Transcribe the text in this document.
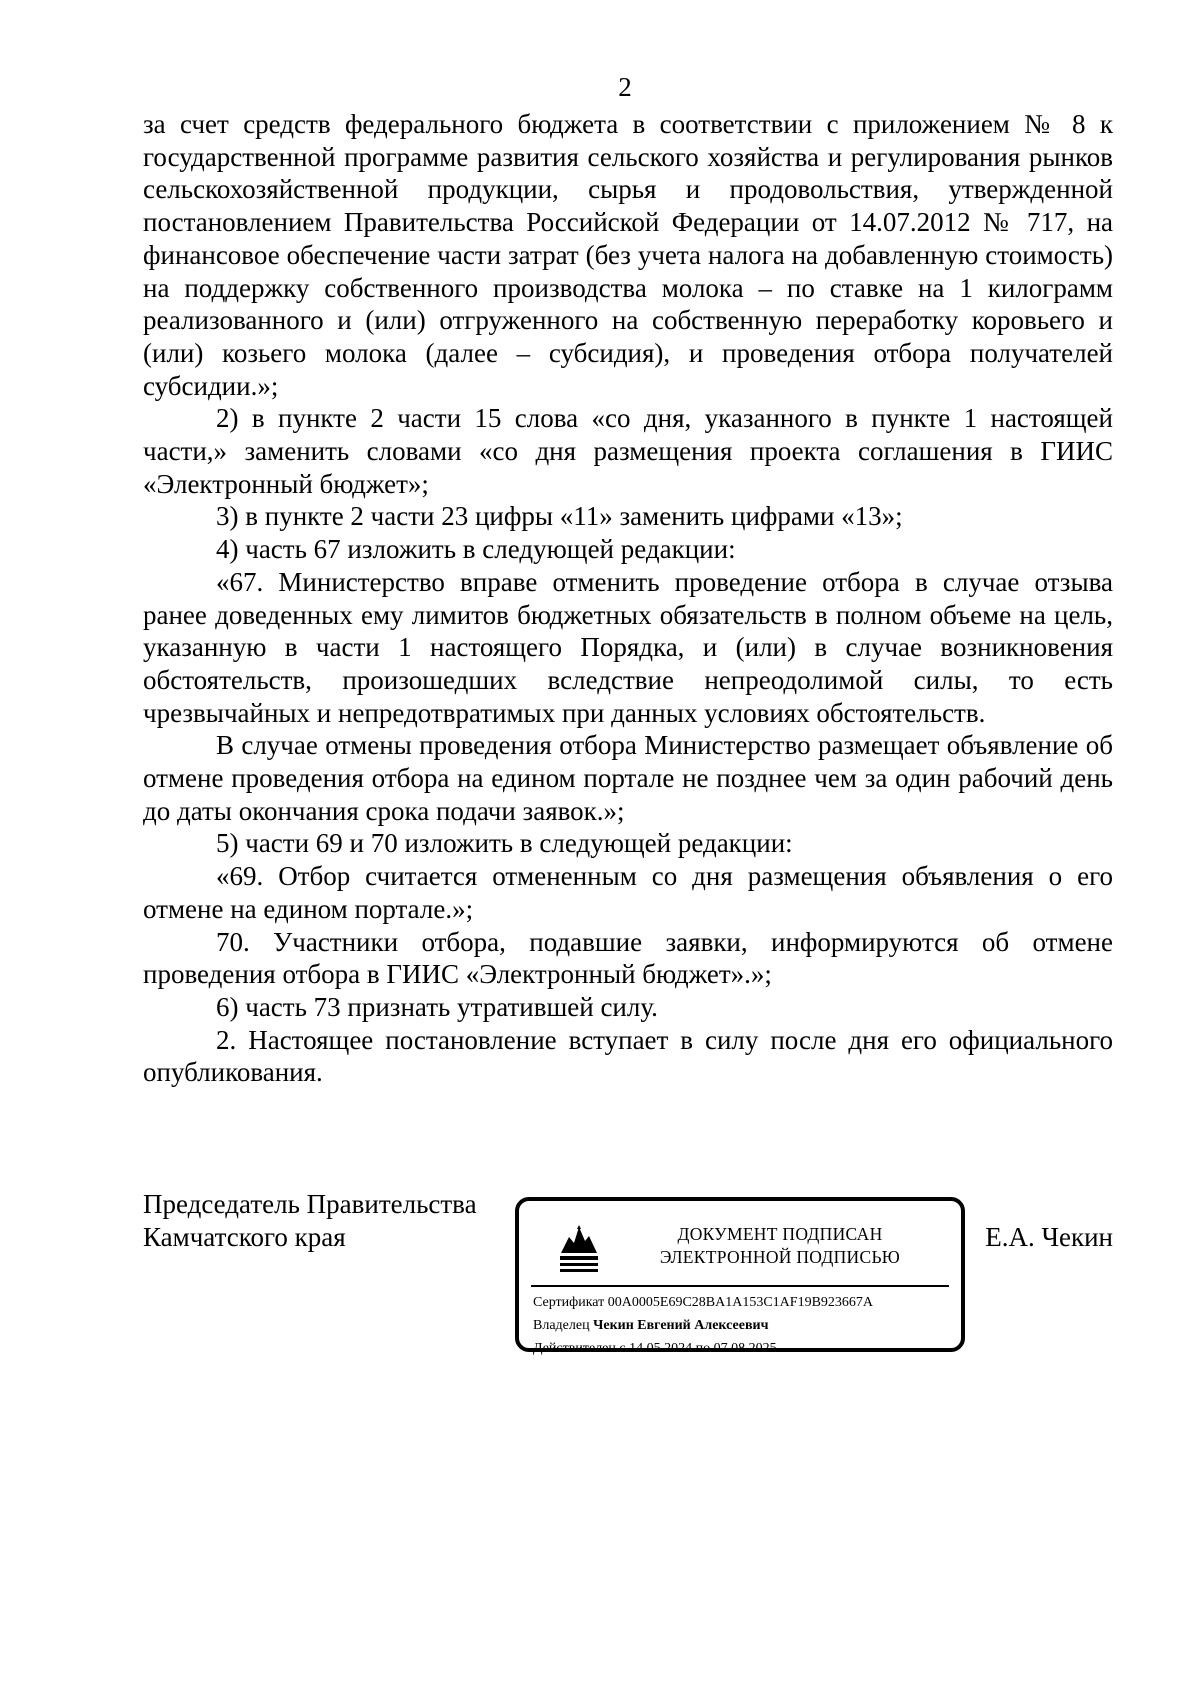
2

за счет средств федерального бюджета в соответствии с приложением № 8 к государственной программе развития сельского хозяйства и регулирования рынков сельскохозяйственной продукции, сырья и продовольствия, утвержденной постановлением Правительства Российской Федерации от 14.07.2012 № 717, на финансовое обеспечение части затрат (без учета налога на добавленную стоимость) на поддержку собственного производства молока – по ставке на 1 килограмм реализованного и (или) отгруженного на собственную переработку коровьего и (или) козьего молока (далее – субсидия), и проведения отбора получателей субсидии.»;

2) в пункте 2 части 15 слова «со дня, указанного в пункте 1 настоящей части,» заменить словами «со дня размещения проекта соглашения в ГИИС «Электронный бюджет»;

3) в пункте 2 части 23 цифры «11» заменить цифрами «13»;

4) часть 67 изложить в следующей редакции:

«67. Министерство вправе отменить проведение отбора в случае отзыва ранее доведенных ему лимитов бюджетных обязательств в полном объеме на цель, указанную в части 1 настоящего Порядка, и (или) в случае возникновения обстоятельств, произошедших вследствие непреодолимой силы, то есть чрезвычайных и непредотвратимых при данных условиях обстоятельств.

В случае отмены проведения отбора Министерство размещает объявление об отмене проведения отбора на едином портале не позднее чем за один рабочий день до даты окончания срока подачи заявок.»;

5) части 69 и 70 изложить в следующей редакции:

«69. Отбор считается отмененным со дня размещения объявления о его отмене на едином портале.»;

70. Участники отбора, подавшие заявки, информируются об отмене проведения отбора в ГИИС «Электронный бюджет».»;

6) часть 73 признать утратившей силу.

2. Настоящее постановление вступает в силу после дня его официального опубликования.

Председатель Правительства
Камчатского края	ДОКУМЕНТ ПОДПИСАН
ЭЛЕКТРОННОЙ ПОДПИСЬЮ
Сертификат 00A0005E69C28BA1A153C1AF19B923667A
Владелец Чекин Евгений Алексеевич
Действителен с 14.05.2024 по 07.08.2025
Е.А. Чекин
